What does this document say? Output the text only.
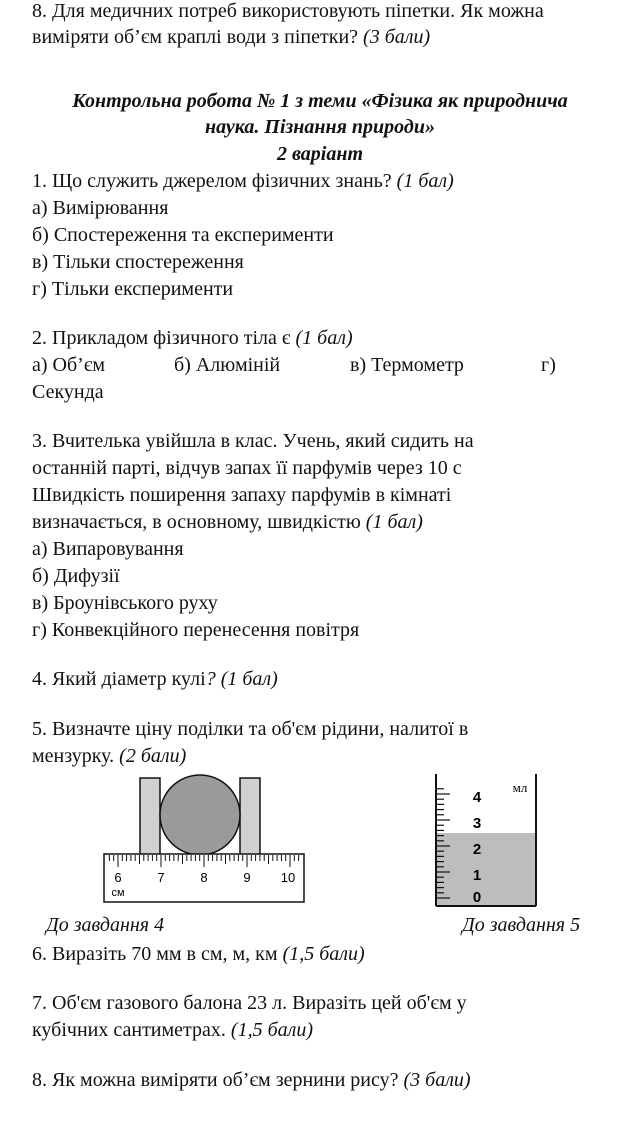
8. Для медичних потреб використовують піпетки. Як можна
виміряти об’єм краплі води з піпетки? (3 бали)
Контрольна робота № 1 з теми «Фізика як природнича
наука. Пізнання природи»
2 варіант
1. Що служить джерелом фізичних знань? (1 бал)
а) Вимірювання
б) Спостереження та експерименти
в) Тільки спостереження
г) Тільки експерименти
2. Прикладом фізичного тіла є (1 бал)
а) Об’єм	б) Алюміній	в) Термометр	г)
Секунда
3. Вчителька увійшла в клас. Учень, який сидить на
останній парті, відчув запах її парфумів через 10 с
Швидкість поширення запаху парфумів в кімнаті
визначається, в основному, швидкістю (1 бал)
а) Випаровування
б) Дифузії
в) Броунівського руху
г) Конвекційного перенесення повітря
4. Який діаметр кулі? (1 бал)
5. Визначте ціну поділки та об'єм рідини, налитої в
мензурку. (2 бали)
6	7	8	9 10
см
4
3
2
1
0
мл
До завдання 4	До завдання 5
6. Виразіть 70 мм в см, м, км (1,5 бали)
7. Об'єм газового балона 23 л. Виразіть цей об'єм у
кубічних сантиметрах. (1,5 бали)
8. Як можна виміряти об’єм зернини рису? (3 бали)
